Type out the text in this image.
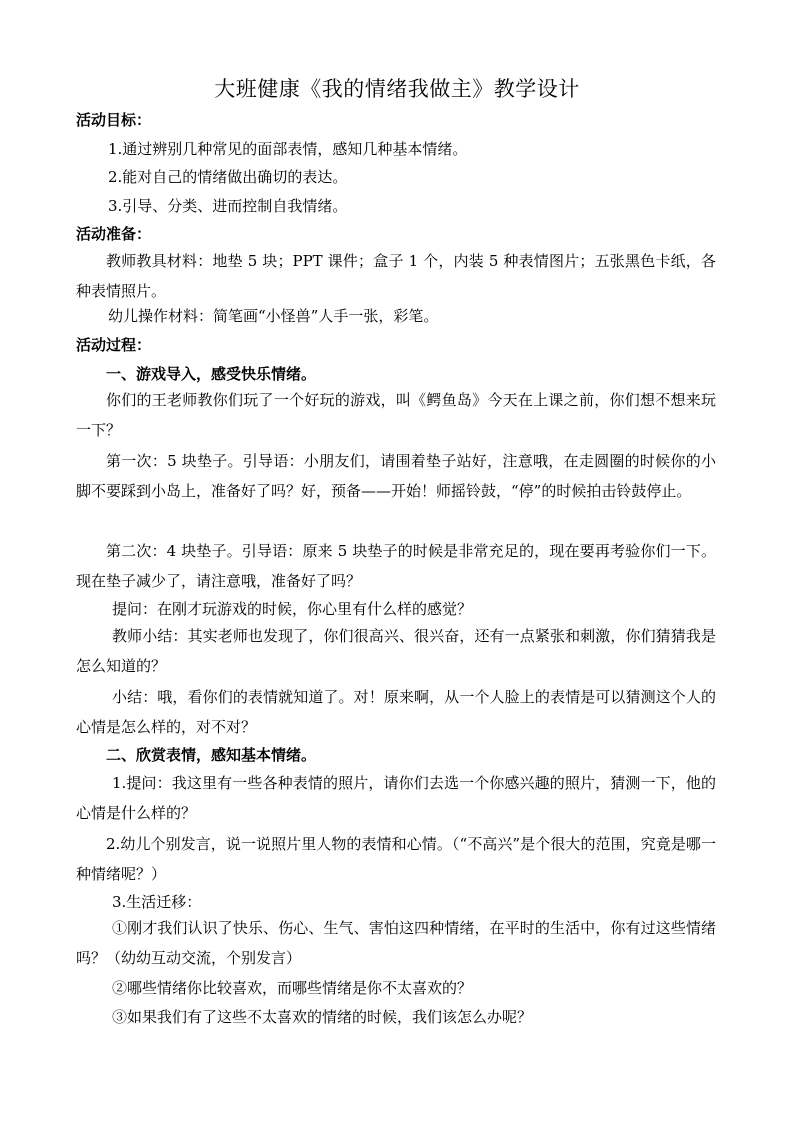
大班健康《我的情绪我做主》教学设计
活动目标：
1.通过辨别几种常见的面部表情，感知几种基本情绪。
2.能对自己的情绪做出确切的表达。
3.引导、分类、进而控制自我情绪。
活动准备：
教师教具材料：地垫 5 块；PPT 课件；盒子 1 个，内装 5 种表情图片；五张黑色卡纸，各种表情照片。
幼儿操作材料：简笔画“小怪兽”人手一张，彩笔。
活动过程：
一、游戏导入，感受快乐情绪。
你们的王老师教你们玩了一个好玩的游戏，叫《鳄鱼岛》今天在上课之前，你们想不想来玩一下？
第一次：5 块垫子。引导语：小朋友们，请围着垫子站好，注意哦，在走圆圈的时候你的小脚不要踩到小岛上，准备好了吗？好，预备——开始！师摇铃鼓，“停”的时候拍击铃鼓停止。
第二次：4 块垫子。引导语：原来 5 块垫子的时候是非常充足的，现在要再考验你们一下。现在垫子减少了，请注意哦，准备好了吗？
提问：在刚才玩游戏的时候，你心里有什么样的感觉？
教师小结：其实老师也发现了，你们很高兴、很兴奋，还有一点紧张和刺激，你们猜猜我是怎么知道的？
小结：哦，看你们的表情就知道了。对！原来啊，从一个人脸上的表情是可以猜测这个人的心情是怎么样的，对不对？
二、欣赏表情，感知基本情绪。
1.提问：我这里有一些各种表情的照片，请你们去选一个你感兴趣的照片，猜测一下，他的心情是什么样的？
2.幼儿个别发言，说一说照片里人物的表情和心情。（“不高兴”是个很大的范围，究竟是哪一种情绪呢？）
3.生活迁移：
①刚才我们认识了快乐、伤心、生气、害怕这四种情绪，在平时的生活中，你有过这些情绪吗？（幼幼互动交流，个别发言）
②哪些情绪你比较喜欢，而哪些情绪是你不太喜欢的？
③如果我们有了这些不太喜欢的情绪的时候，我们该怎么办呢？
